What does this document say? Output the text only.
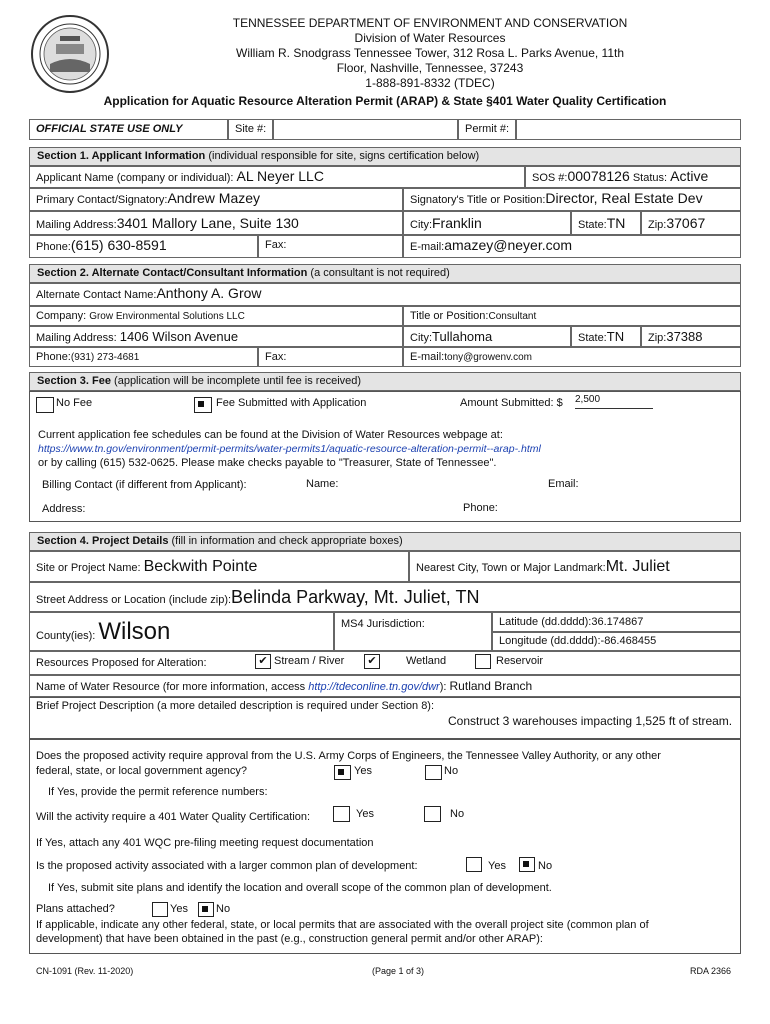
TENNESSEE DEPARTMENT OF ENVIRONMENT AND CONSERVATION
Division of Water Resources
William R. Snodgrass Tennessee Tower, 312 Rosa L. Parks Avenue, 11th
Floor, Nashville, Tennessee, 37243
1-888-891-8332 (TDEC)
Application for Aquatic Resource Alteration Permit (ARAP) & State §401 Water Quality Certification
OFFICIAL STATE USE ONLY	Site #:	Permit #:
Section 1. Applicant Information (individual responsible for site, signs certification below)
Applicant Name (company or individual): AL Neyer LLC	SOS #:00078126 Status: Active
Primary Contact/Signatory:Andrew Mazey	Signatory's Title or Position:Director, Real Estate Dev
Mailing Address:3401 Mallory Lane, Suite 130	City:Franklin	State:TN	Zip:37067
Phone:(615) 630-8591	Fax:	E-mail:amazey@neyer.com
Section 2. Alternate Contact/Consultant Information (a consultant is not required)
Alternate Contact Name:Anthony A. Grow
Company: Grow Environmental Solutions LLC	Title or Position:Consultant
Mailing Address: 1406 Wilson Avenue	City:Tullahoma	State:TN	Zip:37388
Phone:(931) 273-4681	Fax:	E-mail:tony@growenv.com
Section 3. Fee (application will be incomplete until fee is received)
No Fee	Fee Submitted with Application	Amount Submitted: $ 2,500
Current application fee schedules can be found at the Division of Water Resources webpage at:
https://www.tn.gov/environment/permit-permits/water-permits1/aquatic-resource-alteration-permit--arap-.html
or by calling (615) 532-0625. Please make checks payable to "Treasurer, State of Tennessee".
Billing Contact (if different from Applicant):	Name:	Email:
Address:	Phone:
Section 4. Project Details (fill in information and check appropriate boxes)
Site or Project Name: Beckwith Pointe	Nearest City, Town or Major Landmark:Mt. Juliet
Street Address or Location (include zip):Belinda Parkway, Mt. Juliet, TN
County(ies): Wilson	MS4 Jurisdiction:	Latitude (dd.dddd):36.174867
Longitude (dd.dddd):-86.468455
Resources Proposed for Alteration:	✔ Stream / River	✔	Wetland	Reservoir
Name of Water Resource (for more information, access http://tdeconline.tn.gov/dwr): Rutland Branch
Brief Project Description (a more detailed description is required under Section 8):
Construct 3 warehouses impacting 1,525 ft of stream.
Does the proposed activity require approval from the U.S. Army Corps of Engineers, the Tennessee Valley Authority, or any other
federal, state, or local government agency?	Yes	No
If Yes, provide the permit reference numbers:
Will the activity require a 401 Water Quality Certification:	Yes	No
If Yes, attach any 401 WQC pre-filing meeting request documentation
Is the proposed activity associated with a larger common plan of development:	Yes	No
If Yes, submit site plans and identify the location and overall scope of the common plan of development.
Plans attached?	Yes	No
If applicable, indicate any other federal, state, or local permits that are associated with the overall project site (common plan of
development) that have been obtained in the past (e.g., construction general permit and/or other ARAP):
CN-1091 (Rev. 11-2020)	(Page 1 of 3)	RDA 2366
